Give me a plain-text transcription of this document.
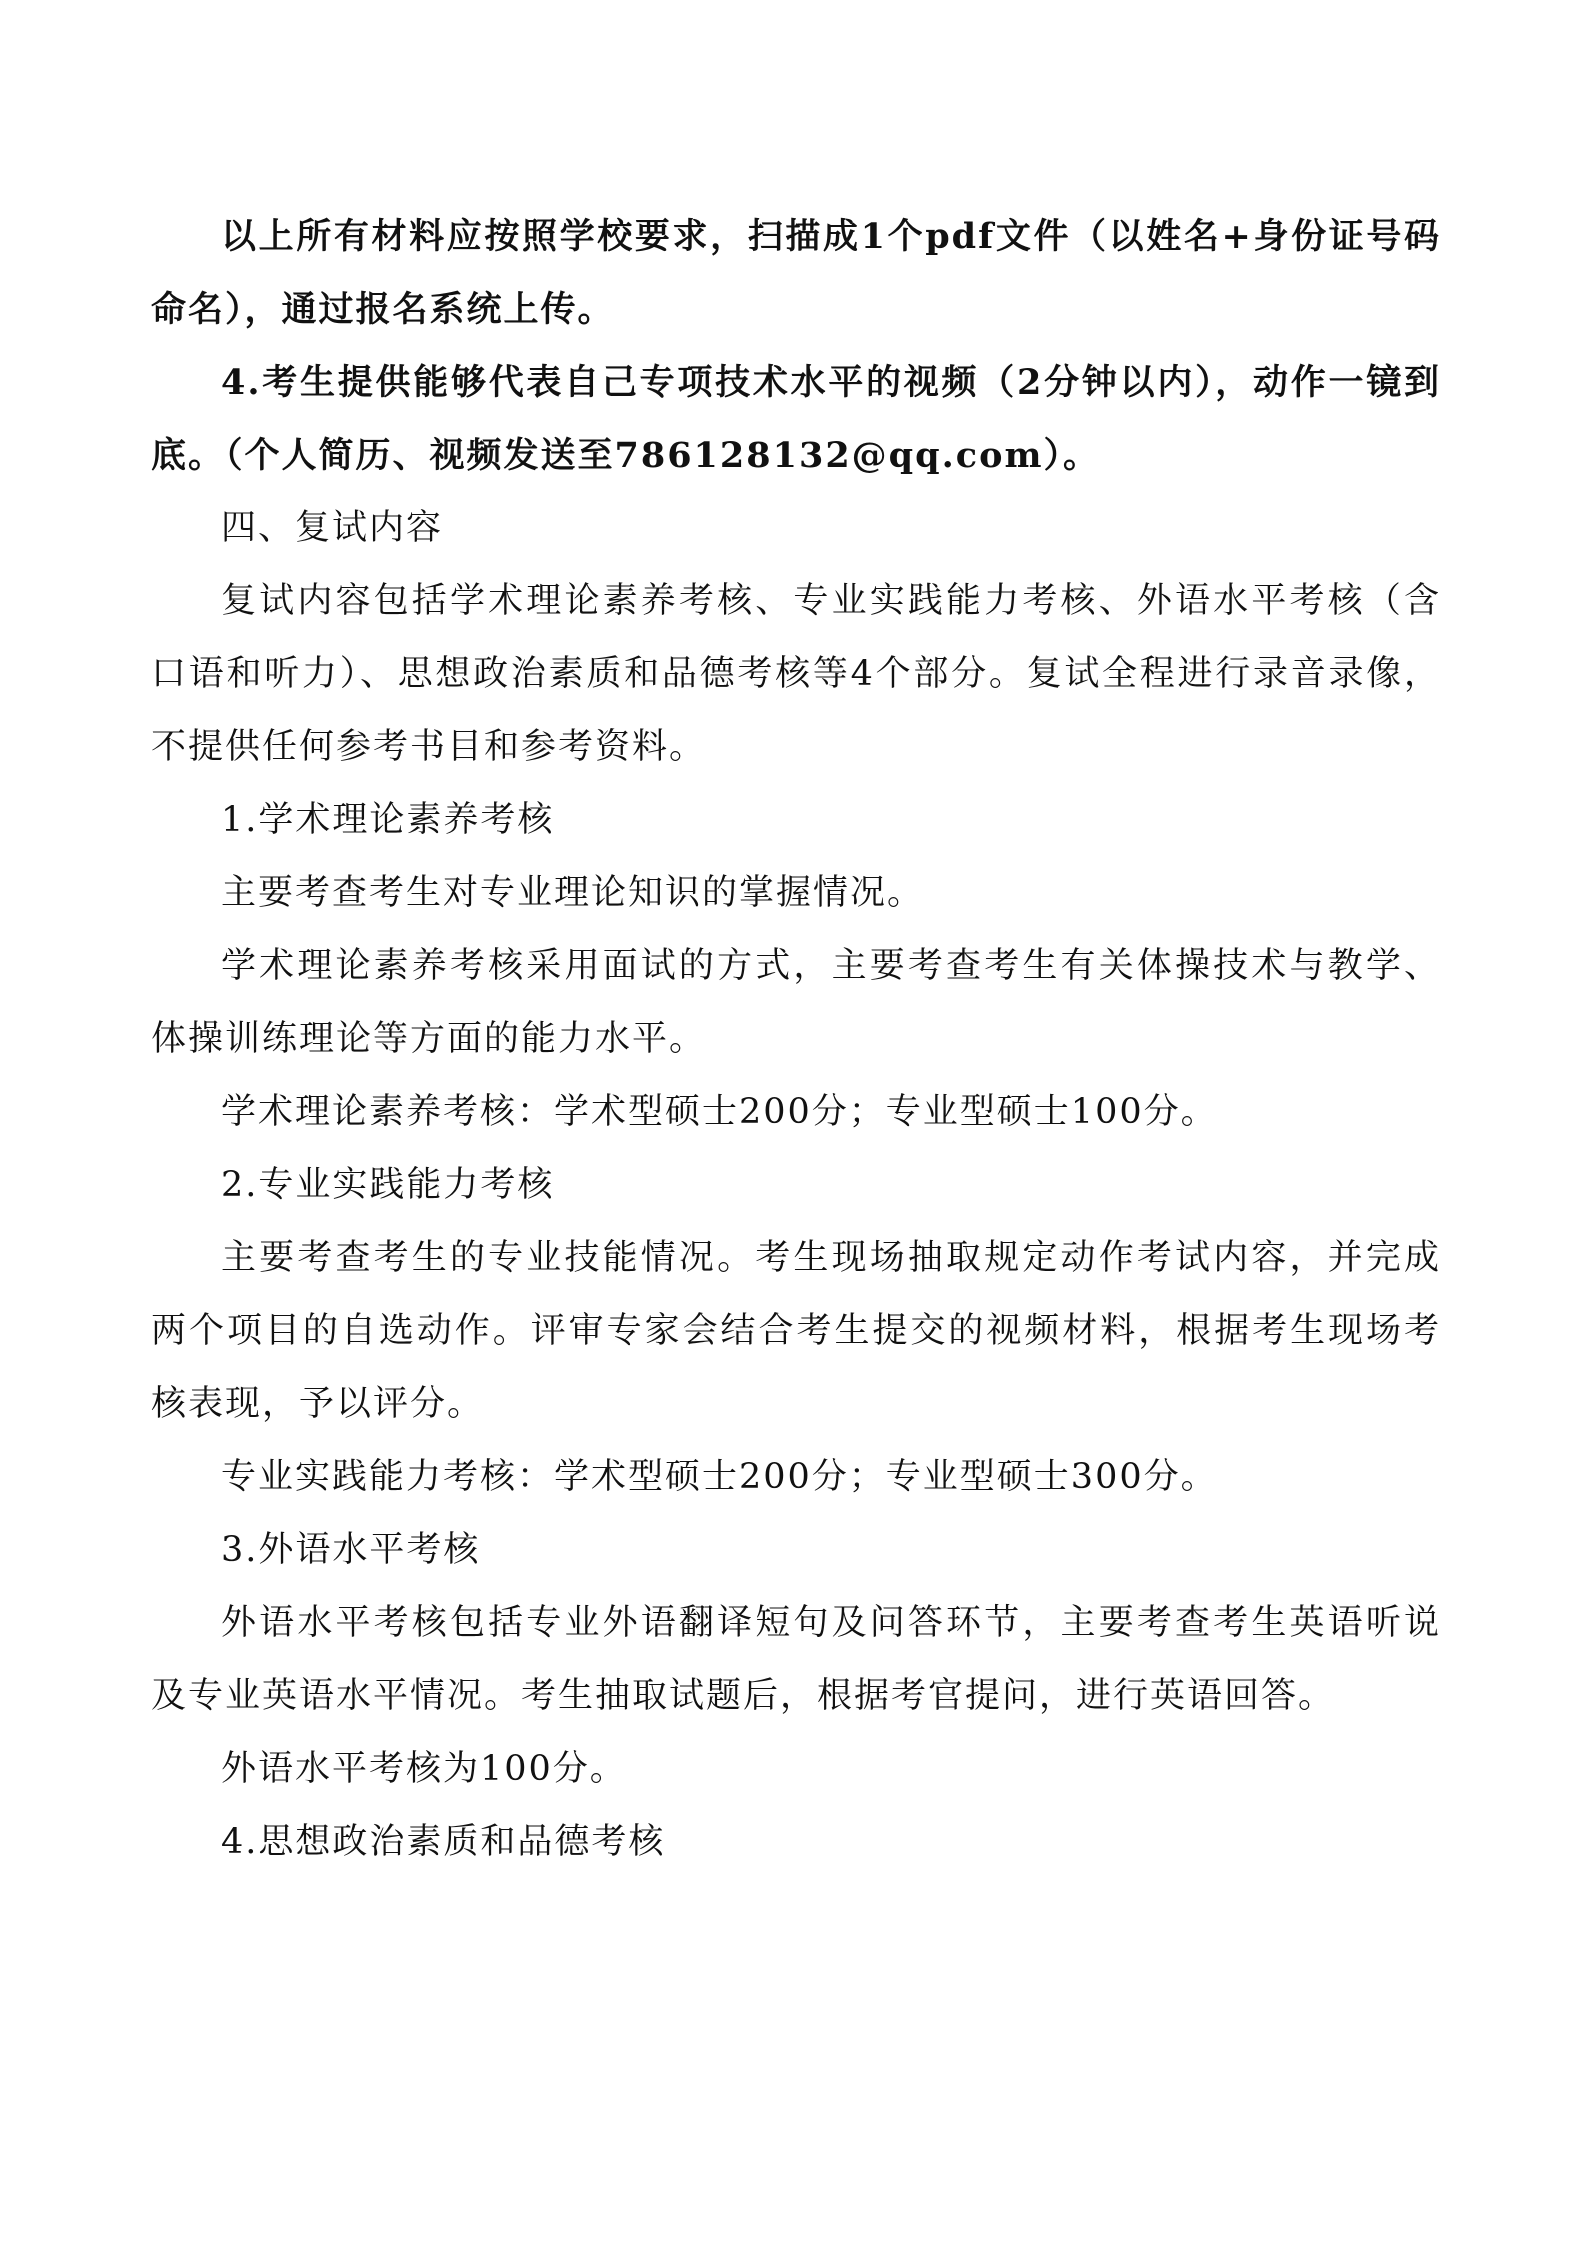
以上所有材料应按照学校要求，扫描成1个pdf文件（以姓名+身份证号码命名），通过报名系统上传。

4.考生提供能够代表自己专项技术水平的视频（2分钟以内），动作一镜到底。（个人简历、视频发送至786128132@qq.com）。

四、复试内容

复试内容包括学术理论素养考核、专业实践能力考核、外语水平考核（含口语和听力）、思想政治素质和品德考核等4个部分。复试全程进行录音录像，不提供任何参考书目和参考资料。

1.学术理论素养考核

主要考查考生对专业理论知识的掌握情况。

学术理论素养考核采用面试的方式，主要考查考生有关体操技术与教学、体操训练理论等方面的能力水平。

学术理论素养考核：学术型硕士200分；专业型硕士100分。

2.专业实践能力考核

主要考查考生的专业技能情况。考生现场抽取规定动作考试内容，并完成两个项目的自选动作。评审专家会结合考生提交的视频材料，根据考生现场考核表现，予以评分。

专业实践能力考核：学术型硕士200分；专业型硕士300分。

3.外语水平考核

外语水平考核包括专业外语翻译短句及问答环节，主要考查考生英语听说及专业英语水平情况。考生抽取试题后，根据考官提问，进行英语回答。

外语水平考核为100分。

4.思想政治素质和品德考核
